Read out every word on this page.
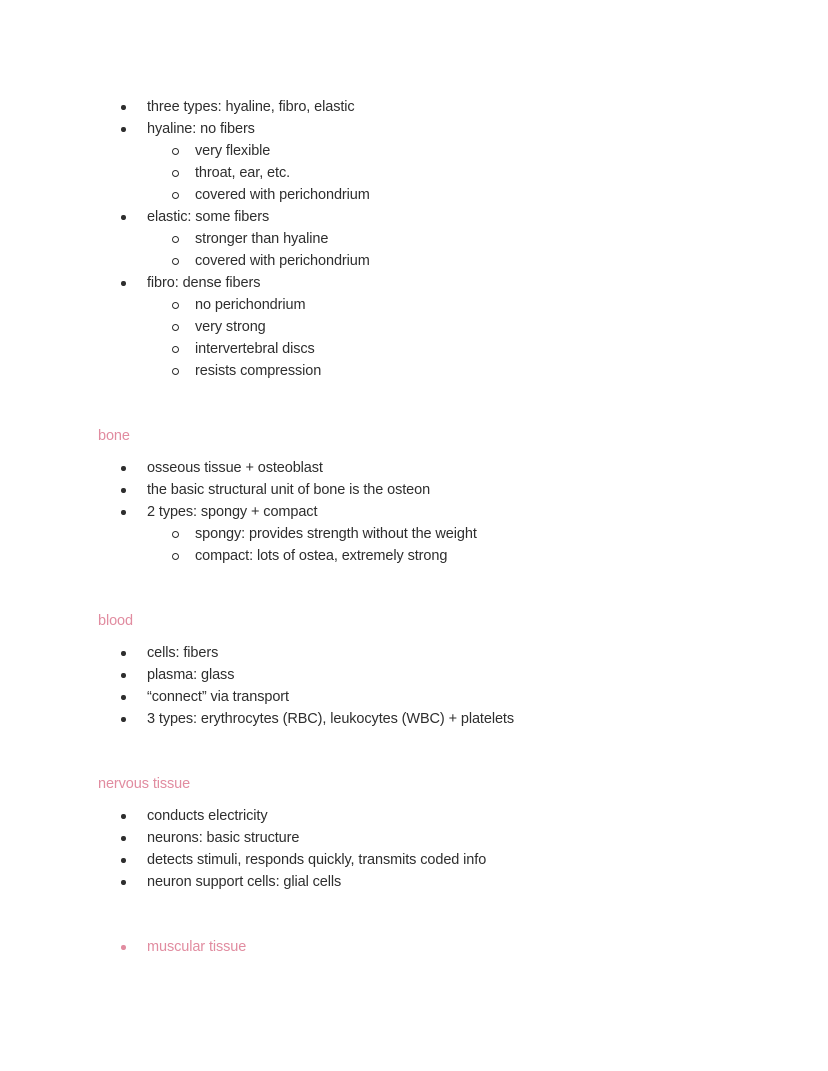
three types: hyaline, fibro, elastic
hyaline: no fibers
very flexible
throat, ear, etc.
covered with perichondrium
elastic: some fibers
stronger than hyaline
covered with perichondrium
fibro: dense fibers
no perichondrium
very strong
intervertebral discs
resists compression
bone
osseous tissue + osteoblast
the basic structural unit of bone is the osteon
2 types: spongy + compact
spongy: provides strength without the weight
compact: lots of ostea, extremely strong
blood
cells: fibers
plasma: glass
“connect” via transport
3 types: erythrocytes (RBC), leukocytes (WBC) + platelets
nervous tissue
conducts electricity
neurons: basic structure
detects stimuli, responds quickly, transmits coded info
neuron support cells: glial cells
muscular tissue
